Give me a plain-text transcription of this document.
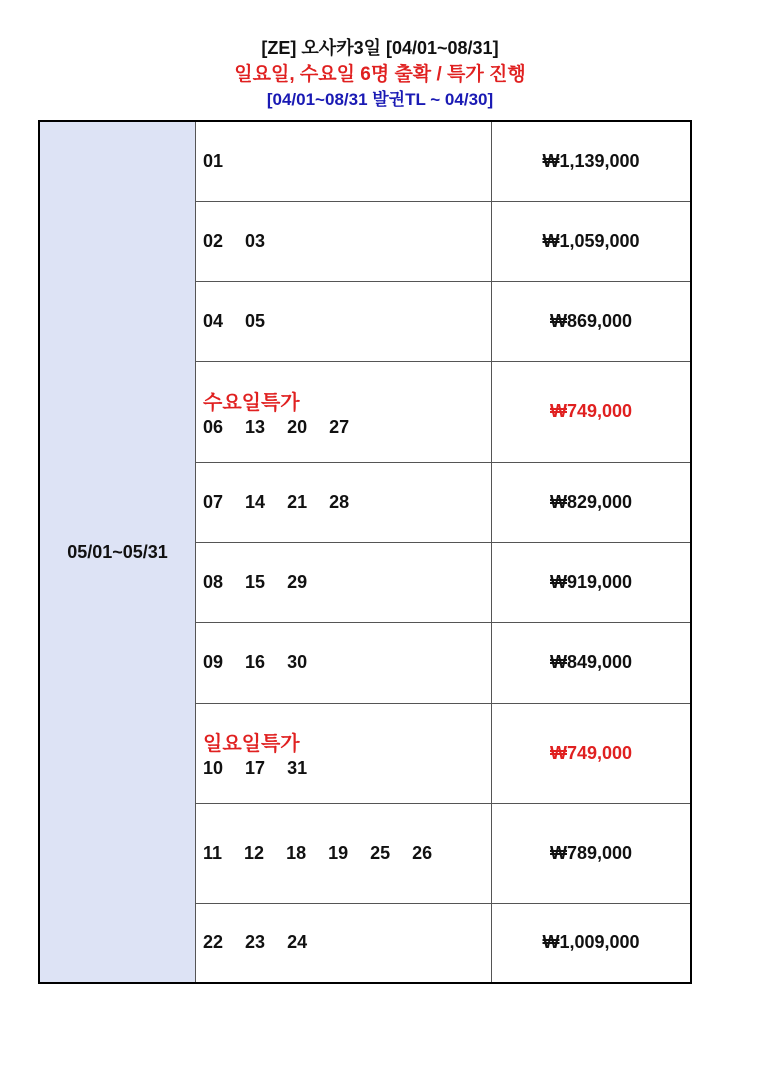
[ZE] 오사카3일 [04/01~08/31]
일요일, 수요일 6명 출확 / 특가 진행
[04/01~08/31 발권TL ~ 04/30]
05/01~05/31	01	₩1,139,000
	02 03	₩1,059,000
	04 05	₩869,000

	수요일특가
06 13 20 27	₩749,000
	07 14 21 28	₩829,000
	08 15 29	₩919,000
	09 16 30	₩849,000

	일요일특가
10 17 31	₩749,000
	11 12 18 19 25 26	₩789,000
	22 23 24	₩1,009,000
